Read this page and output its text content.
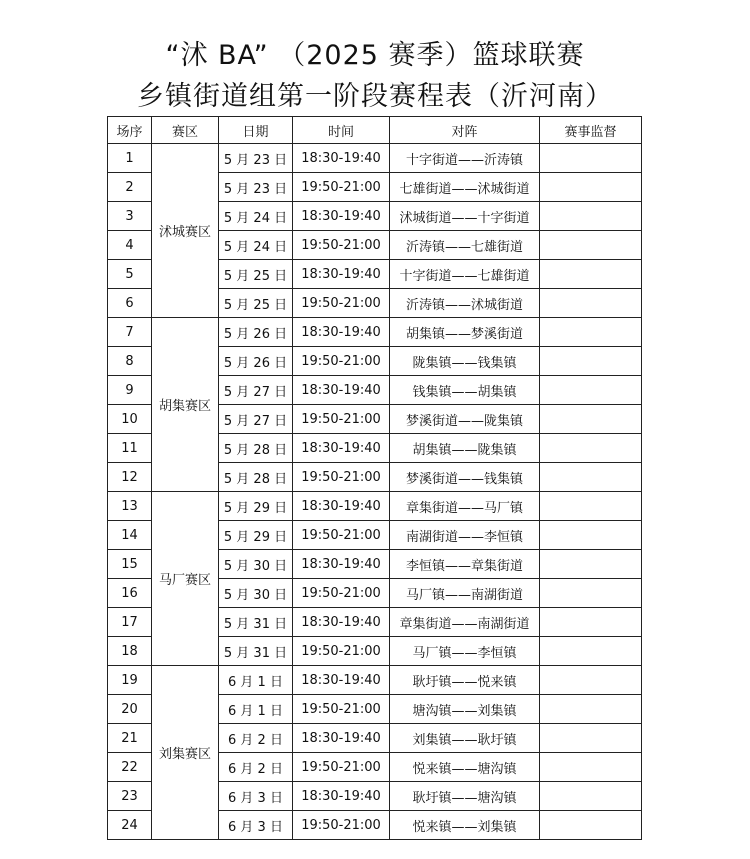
“沭 BA” （2025 赛季）篮球联赛
乡镇街道组第一阶段赛程表（沂河南）
场序	赛区	日期	时间	对阵	赛事监督
1	沭城赛区	5 月 23 日	18:30-19:40	十字街道——沂涛镇	
2		5 月 23 日	19:50-21:00	七雄街道——沭城街道	
3		5 月 24 日	18:30-19:40	沭城街道——十字街道	
4		5 月 24 日	19:50-21:00	沂涛镇——七雄街道	
5		5 月 25 日	18:30-19:40	十字街道——七雄街道	
6		5 月 25 日	19:50-21:00	沂涛镇——沭城街道	
7	胡集赛区	5 月 26 日	18:30-19:40	胡集镇——梦溪街道	
8		5 月 26 日	19:50-21:00	陇集镇——钱集镇	
9		5 月 27 日	18:30-19:40	钱集镇——胡集镇	
10		5 月 27 日	19:50-21:00	梦溪街道——陇集镇	
11		5 月 28 日	18:30-19:40	胡集镇——陇集镇	
12		5 月 28 日	19:50-21:00	梦溪街道——钱集镇	
13	马厂赛区	5 月 29 日	18:30-19:40	章集街道——马厂镇	
14		5 月 29 日	19:50-21:00	南湖街道——李恒镇	
15		5 月 30 日	18:30-19:40	李恒镇——章集街道	
16		5 月 30 日	19:50-21:00	马厂镇——南湖街道	
17		5 月 31 日	18:30-19:40	章集街道——南湖街道	
18		5 月 31 日	19:50-21:00	马厂镇——李恒镇	
19	刘集赛区	6 月 1 日	18:30-19:40	耿圩镇——悦来镇	
20		6 月 1 日	19:50-21:00	塘沟镇——刘集镇	
21		6 月 2 日	18:30-19:40	刘集镇——耿圩镇	
22		6 月 2 日	19:50-21:00	悦来镇——塘沟镇	
23		6 月 3 日	18:30-19:40	耿圩镇——塘沟镇	
24		6 月 3 日	19:50-21:00	悦来镇——刘集镇	
